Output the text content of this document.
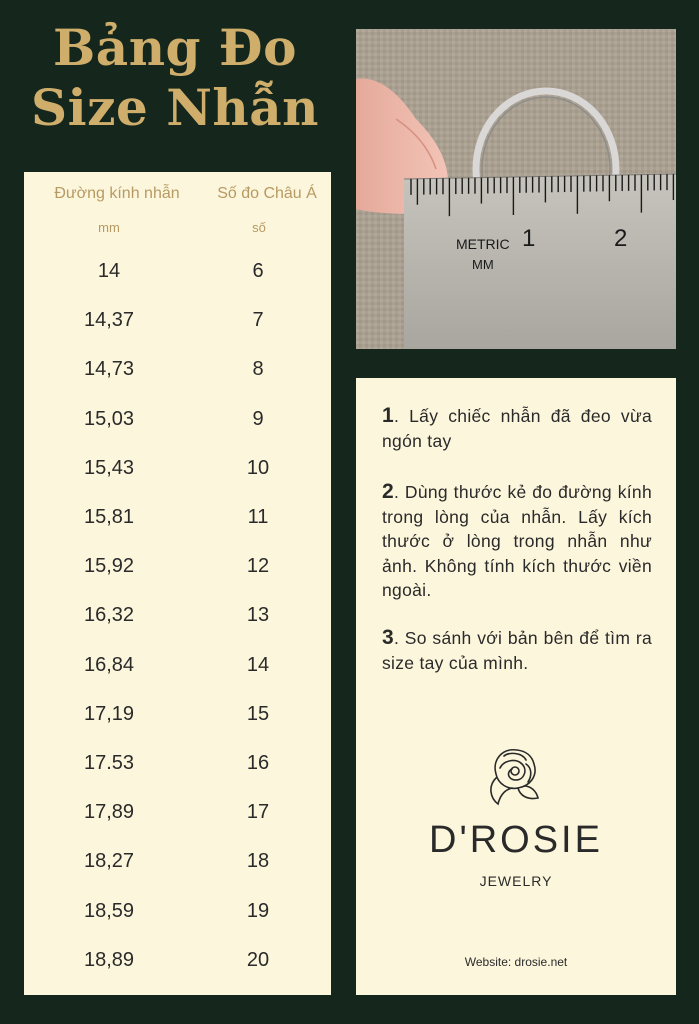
Bảng Đo
Size Nhẫn
Đường kính nhẫn	Số đo Châu Á
mm	số
14	6
14,37	7
14,73	8
15,03	9
15,43	10
15,81	11
15,92	12
16,32	13
16,84	14
17,19	15
17.53	16
17,89	17
18,27	18
18,59	19
18,89	20
METRIC
MM
1	2
1. Lấy chiếc nhẫn đã đeo vừa ngón tay
2. Dùng thước kẻ đo đường kính trong lòng của nhẫn. Lấy kích thước ở lòng trong nhẫn như ảnh. Không tính kích thước viền ngoài.
3. So sánh với bản bên để tìm ra size tay của mình.
D'ROSIE
JEWELRY
Website: drosie.net
